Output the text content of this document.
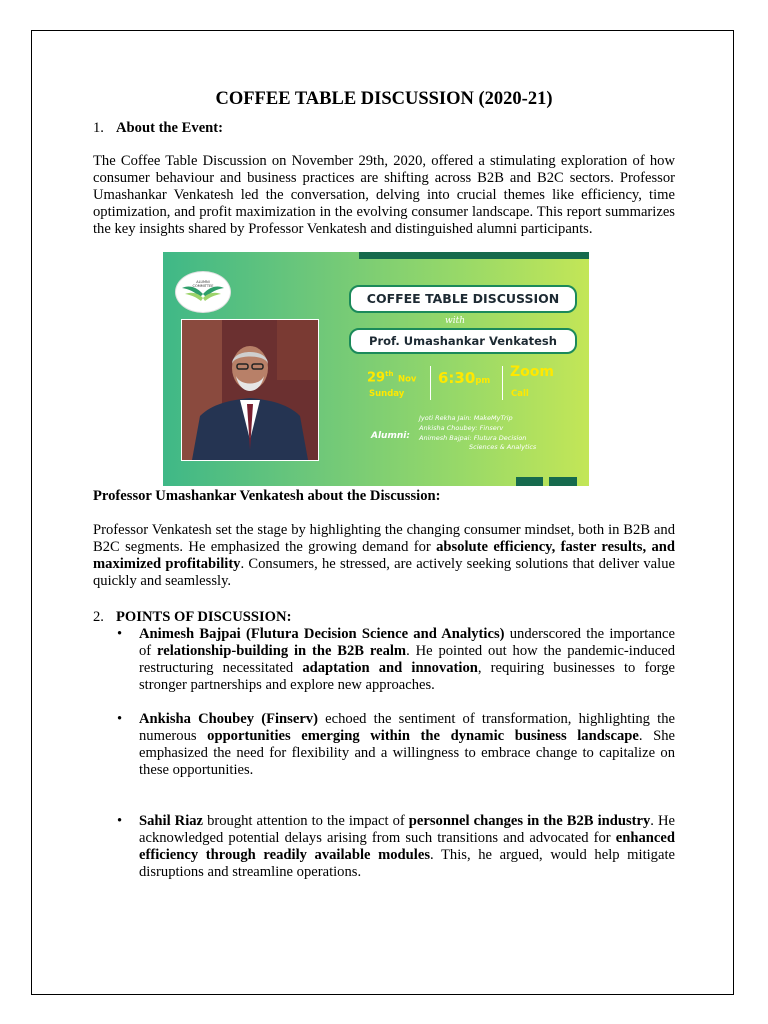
COFFEE TABLE DISCUSSION (2020-21)
1. About the Event:

The Coffee Table Discussion on November 29th, 2020, offered a stimulating exploration of how consumer behaviour and business practices are shifting across B2B and B2C sectors. Professor Umashankar Venkatesh led the conversation, delving into crucial themes like efficiency, time optimization, and profit maximization in the evolving consumer landscape. This report summarizes the key insights shared by Professor Venkatesh and distinguished alumni participants.

ALUMNI COMMITTEE
COFFEE TABLE DISCUSSION
with
Prof. Umashankar Venkatesh
29th Nov
Sunday
6:30pm
Zoom
Call
Alumni:
Jyoti Rekha Jain: MakeMyTrip
Ankisha Choubey: Finserv
Animesh Bajpai: Flutura Decision
Sciences & Analytics

Professor Umashankar Venkatesh about the Discussion:

Professor Venkatesh set the stage by highlighting the changing consumer mindset, both in B2B and B2C segments. He emphasized the growing demand for absolute efficiency, faster results, and maximized profitability. Consumers, he stressed, are actively seeking solutions that deliver value quickly and seamlessly.

2. POINTS OF DISCUSSION:
• Animesh Bajpai (Flutura Decision Science and Analytics) underscored the importance of relationship-building in the B2B realm. He pointed out how the pandemic-induced restructuring necessitated adaptation and innovation, requiring businesses to forge stronger partnerships and explore new approaches.
• Ankisha Choubey (Finserv) echoed the sentiment of transformation, highlighting the numerous opportunities emerging within the dynamic business landscape. She emphasized the need for flexibility and a willingness to embrace change to capitalize on these opportunities.
• Sahil Riaz brought attention to the impact of personnel changes in the B2B industry. He acknowledged potential delays arising from such transitions and advocated for enhanced efficiency through readily available modules. This, he argued, would help mitigate disruptions and streamline operations.
